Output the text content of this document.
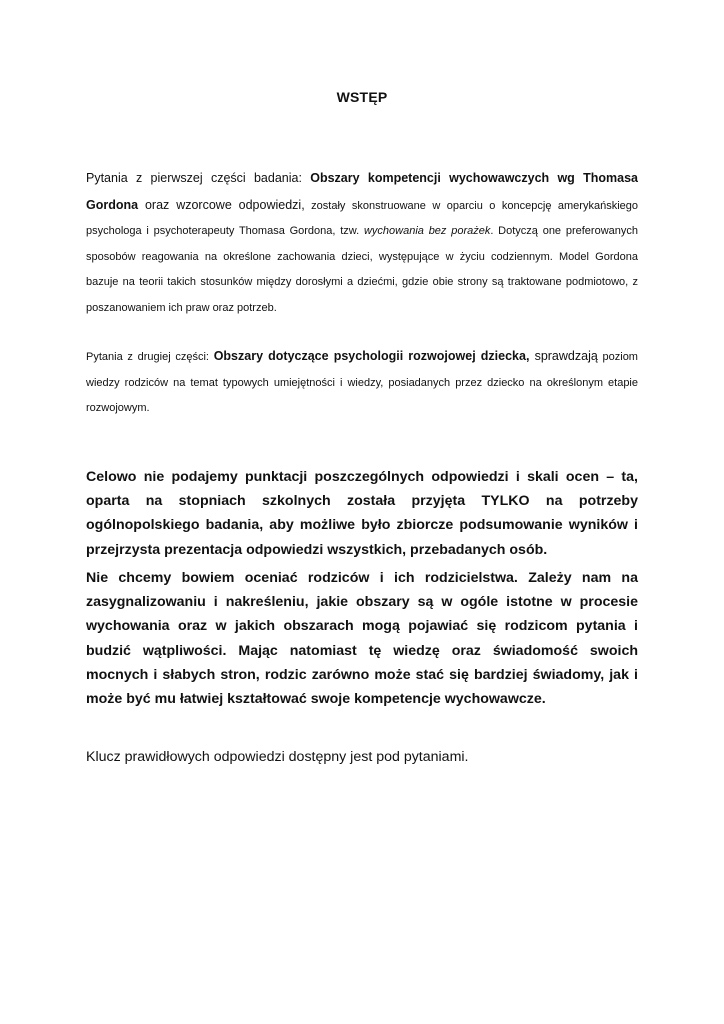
WSTĘP

Pytania z pierwszej części badania: Obszary kompetencji wychowawczych wg Thomasa Gordona oraz wzorcowe odpowiedzi, zostały skonstruowane w oparciu o koncepcję amerykańskiego psychologa i psychoterapeuty Thomasa Gordona, tzw. wychowania bez porażek. Dotyczą one preferowanych sposobów reagowania na określone zachowania dzieci, występujące w życiu codziennym. Model Gordona bazuje na teorii takich stosunków między dorosłymi a dziećmi, gdzie obie strony są traktowane podmiotowo, z poszanowaniem ich praw oraz potrzeb.

Pytania z drugiej części: Obszary dotyczące psychologii rozwojowej dziecka, sprawdzają poziom wiedzy rodziców na temat typowych umiejętności i wiedzy, posiadanych przez dziecko na określonym etapie rozwojowym.

Celowo nie podajemy punktacji poszczególnych odpowiedzi i skali ocen – ta, oparta na stopniach szkolnych została przyjęta TYLKO na potrzeby ogólnopolskiego badania, aby możliwe było zbiorcze podsumowanie wyników i przejrzysta prezentacja odpowiedzi wszystkich, przebadanych osób.

Nie chcemy bowiem oceniać rodziców i ich rodzicielstwa. Zależy nam na zasygnalizowaniu i nakreśleniu, jakie obszary są w ogóle istotne w procesie wychowania oraz w jakich obszarach mogą pojawiać się rodzicom pytania i budzić wątpliwości. Mając natomiast tę wiedzę oraz świadomość swoich mocnych i słabych stron, rodzic zarówno może stać się bardziej świadomy, jak i może być mu łatwiej kształtować swoje kompetencje wychowawcze.

Klucz prawidłowych odpowiedzi dostępny jest pod pytaniami.
